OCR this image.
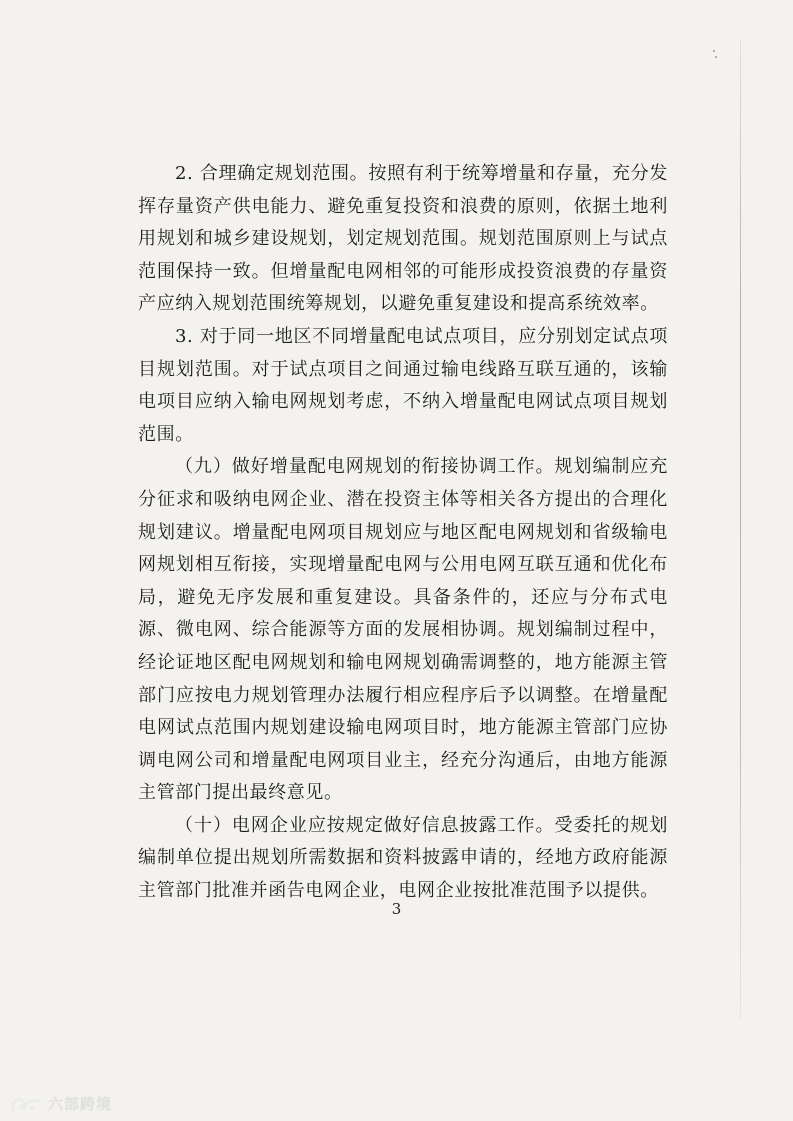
2. 合理确定规划范围。按照有利于统筹增量和存量，充分发挥存量资产供电能力、避免重复投资和浪费的原则，依据土地利用规划和城乡建设规划，划定规划范围。规划范围原则上与试点范围保持一致。但增量配电网相邻的可能形成投资浪费的存量资产应纳入规划范围统筹规划，以避免重复建设和提高系统效率。

3. 对于同一地区不同增量配电试点项目，应分别划定试点项目规划范围。对于试点项目之间通过输电线路互联互通的，该输电项目应纳入输电网规划考虑，不纳入增量配电网试点项目规划范围。

（九）做好增量配电网规划的衔接协调工作。规划编制应充分征求和吸纳电网企业、潜在投资主体等相关各方提出的合理化规划建议。增量配电网项目规划应与地区配电网规划和省级输电网规划相互衔接，实现增量配电网与公用电网互联互通和优化布局，避免无序发展和重复建设。具备条件的，还应与分布式电源、微电网、综合能源等方面的发展相协调。规划编制过程中，经论证地区配电网规划和输电网规划确需调整的，地方能源主管部门应按电力规划管理办法履行相应程序后予以调整。在增量配电网试点范围内规划建设输电网项目时，地方能源主管部门应协调电网公司和增量配电网项目业主，经充分沟通后，由地方能源主管部门提出最终意见。

（十）电网企业应按规定做好信息披露工作。受委托的规划编制单位提出规划所需数据和资料披露申请的，经地方政府能源主管部门批准并函告电网企业，电网企业按批准范围予以提供。

3
六部跨境
